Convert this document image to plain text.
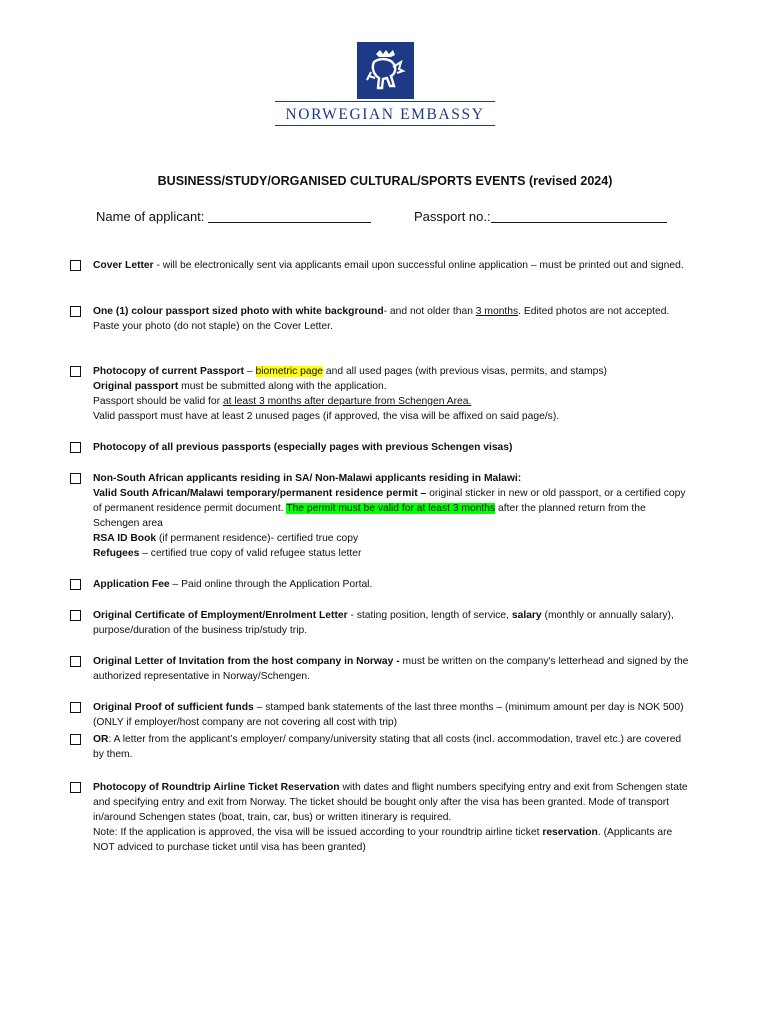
NORWEGIAN EMBASSY
BUSINESS/STUDY/ORGANISED CULTURAL/SPORTS EVENTS (revised 2024)
Name of applicant:	Passport no.:
Cover Letter - will be electronically sent via applicants email upon successful online application – must be printed out and signed.
One (1) colour passport sized photo with white background- and not older than 3 months. Edited photos are not accepted.
Paste your photo (do not staple) on the Cover Letter.
Photocopy of current Passport – biometric page and all used pages (with previous visas, permits, and stamps)
Original passport must be submitted along with the application.
Passport should be valid for at least 3 months after departure from Schengen Area.
Valid passport must have at least 2 unused pages (if approved, the visa will be affixed on said page/s).
Photocopy of all previous passports (especially pages with previous Schengen visas)
Non-South African applicants residing in SA/ Non-Malawi applicants residing in Malawi:
Valid South African/Malawi temporary/permanent residence permit – original sticker in new or old passport, or a certified copy of permanent residence permit document. The permit must be valid for at least 3 months after the planned return from the Schengen area
RSA ID Book (if permanent residence)- certified true copy
Refugees – certified true copy of valid refugee status letter
Application Fee – Paid online through the Application Portal.
Original Certificate of Employment/Enrolment Letter - stating position, length of service, salary (monthly or annually salary), purpose/duration of the business trip/study trip.
Original Letter of Invitation from the host company in Norway - must be written on the company's letterhead and signed by the authorized representative in Norway/Schengen.
Original Proof of sufficient funds – stamped bank statements of the last three months – (minimum amount per day is NOK 500) (ONLY if employer/host company are not covering all cost with trip)
OR: A letter from the applicant’s employer/ company/university stating that all costs (incl. accommodation, travel etc.) are covered by them.
Photocopy of Roundtrip Airline Ticket Reservation with dates and flight numbers specifying entry and exit from Schengen state and specifying entry and exit from Norway. The ticket should be bought only after the visa has been granted. Mode of transport in/around Schengen states (boat, train, car, bus) or written itinerary is required.
Note: If the application is approved, the visa will be issued according to your roundtrip airline ticket reservation. (Applicants are NOT adviced to purchase ticket until visa has been granted)
